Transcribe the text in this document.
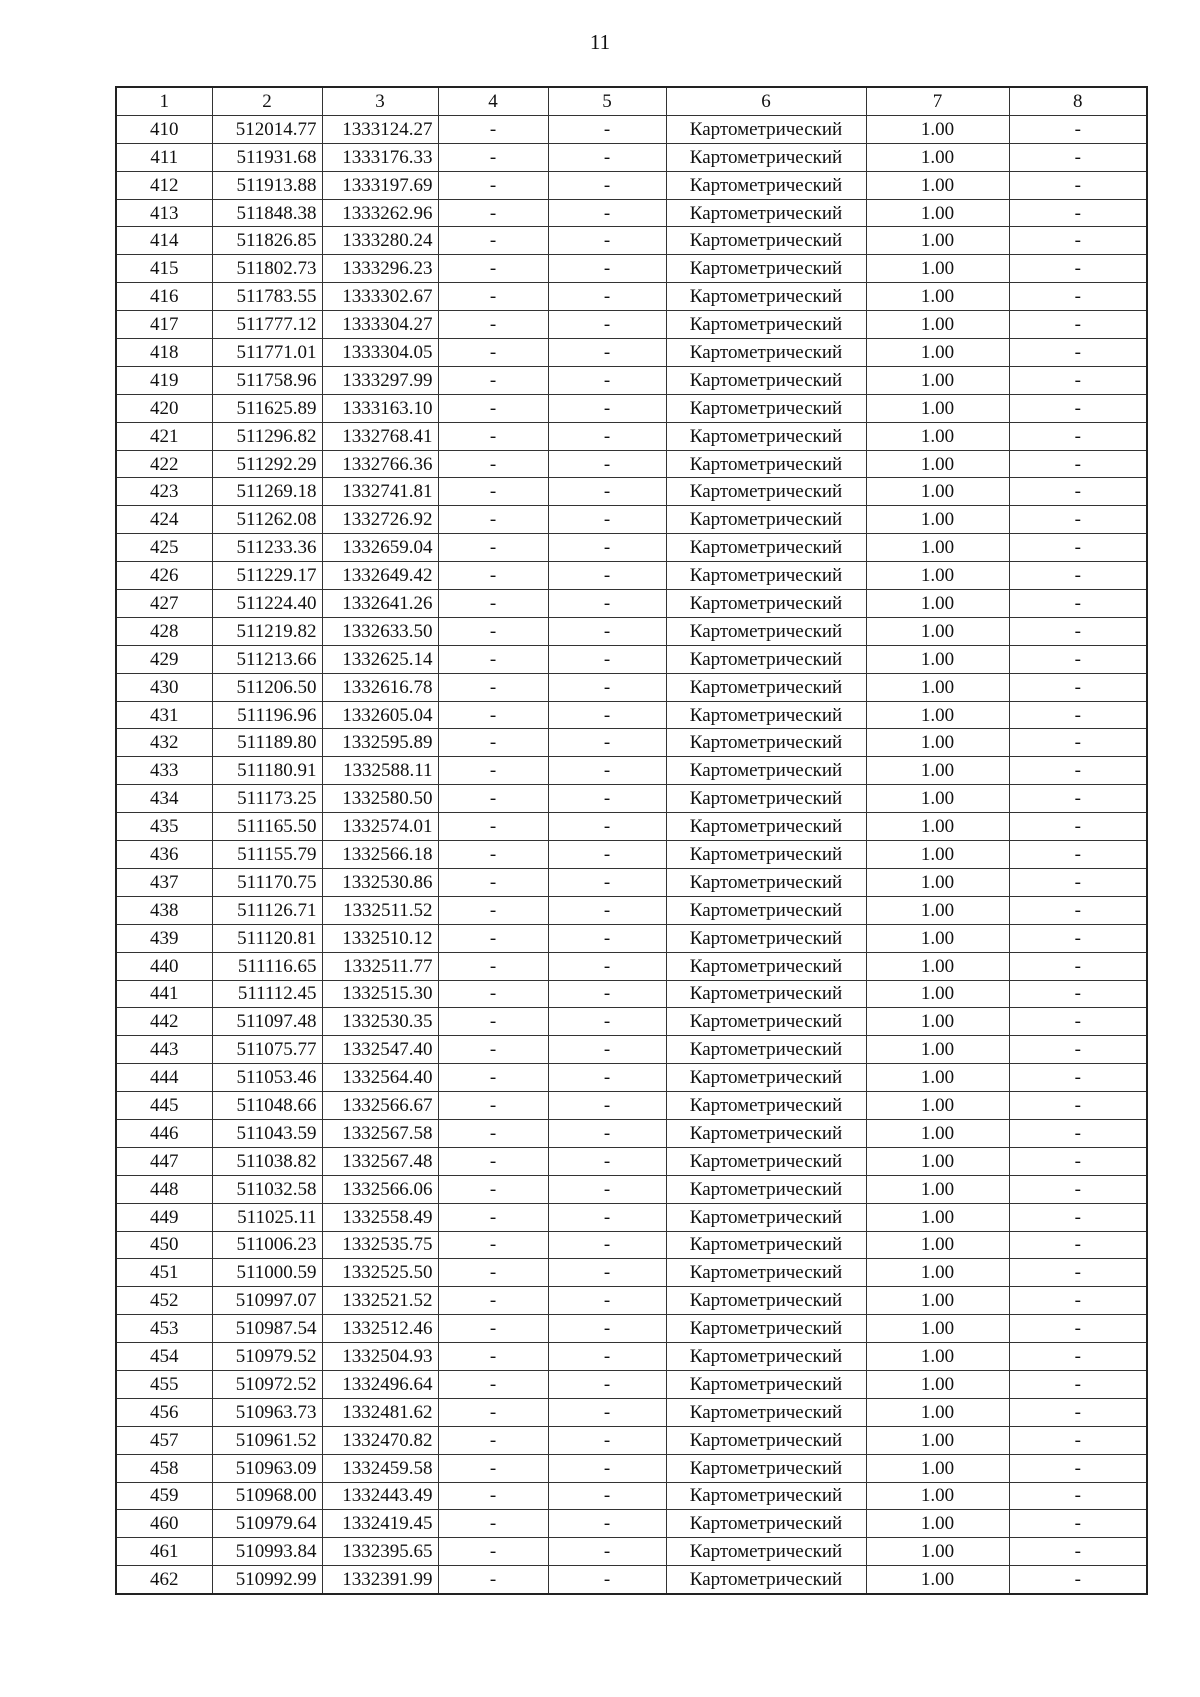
11
1	2	3	4	5	6	7	8
410	512014.77	1333124.27	-	-	Картометрический	1.00	-
411	511931.68	1333176.33	-	-	Картометрический	1.00	-
412	511913.88	1333197.69	-	-	Картометрический	1.00	-
413	511848.38	1333262.96	-	-	Картометрический	1.00	-
414	511826.85	1333280.24	-	-	Картометрический	1.00	-
415	511802.73	1333296.23	-	-	Картометрический	1.00	-
416	511783.55	1333302.67	-	-	Картометрический	1.00	-
417	511777.12	1333304.27	-	-	Картометрический	1.00	-
418	511771.01	1333304.05	-	-	Картометрический	1.00	-
419	511758.96	1333297.99	-	-	Картометрический	1.00	-
420	511625.89	1333163.10	-	-	Картометрический	1.00	-
421	511296.82	1332768.41	-	-	Картометрический	1.00	-
422	511292.29	1332766.36	-	-	Картометрический	1.00	-
423	511269.18	1332741.81	-	-	Картометрический	1.00	-
424	511262.08	1332726.92	-	-	Картометрический	1.00	-
425	511233.36	1332659.04	-	-	Картометрический	1.00	-
426	511229.17	1332649.42	-	-	Картометрический	1.00	-
427	511224.40	1332641.26	-	-	Картометрический	1.00	-
428	511219.82	1332633.50	-	-	Картометрический	1.00	-
429	511213.66	1332625.14	-	-	Картометрический	1.00	-
430	511206.50	1332616.78	-	-	Картометрический	1.00	-
431	511196.96	1332605.04	-	-	Картометрический	1.00	-
432	511189.80	1332595.89	-	-	Картометрический	1.00	-
433	511180.91	1332588.11	-	-	Картометрический	1.00	-
434	511173.25	1332580.50	-	-	Картометрический	1.00	-
435	511165.50	1332574.01	-	-	Картометрический	1.00	-
436	511155.79	1332566.18	-	-	Картометрический	1.00	-
437	511170.75	1332530.86	-	-	Картометрический	1.00	-
438	511126.71	1332511.52	-	-	Картометрический	1.00	-
439	511120.81	1332510.12	-	-	Картометрический	1.00	-
440	511116.65	1332511.77	-	-	Картометрический	1.00	-
441	511112.45	1332515.30	-	-	Картометрический	1.00	-
442	511097.48	1332530.35	-	-	Картометрический	1.00	-
443	511075.77	1332547.40	-	-	Картометрический	1.00	-
444	511053.46	1332564.40	-	-	Картометрический	1.00	-
445	511048.66	1332566.67	-	-	Картометрический	1.00	-
446	511043.59	1332567.58	-	-	Картометрический	1.00	-
447	511038.82	1332567.48	-	-	Картометрический	1.00	-
448	511032.58	1332566.06	-	-	Картометрический	1.00	-
449	511025.11	1332558.49	-	-	Картометрический	1.00	-
450	511006.23	1332535.75	-	-	Картометрический	1.00	-
451	511000.59	1332525.50	-	-	Картометрический	1.00	-
452	510997.07	1332521.52	-	-	Картометрический	1.00	-
453	510987.54	1332512.46	-	-	Картометрический	1.00	-
454	510979.52	1332504.93	-	-	Картометрический	1.00	-
455	510972.52	1332496.64	-	-	Картометрический	1.00	-
456	510963.73	1332481.62	-	-	Картометрический	1.00	-
457	510961.52	1332470.82	-	-	Картометрический	1.00	-
458	510963.09	1332459.58	-	-	Картометрический	1.00	-
459	510968.00	1332443.49	-	-	Картометрический	1.00	-
460	510979.64	1332419.45	-	-	Картометрический	1.00	-
461	510993.84	1332395.65	-	-	Картометрический	1.00	-
462	510992.99	1332391.99	-	-	Картометрический	1.00	-
